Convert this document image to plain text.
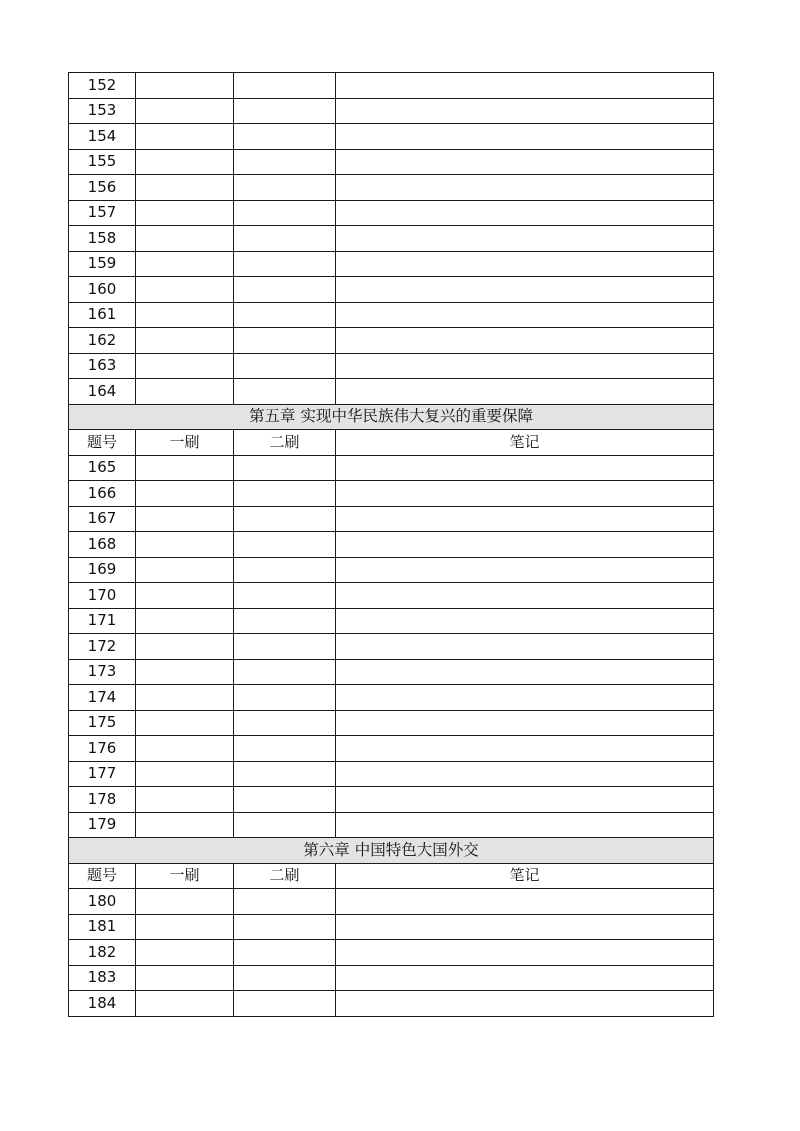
152			
153			
154			
155			
156			
157			
158			
159			
160			
161			
162			
163			
164			
第五章 实现中华民族伟大复兴的重要保障			
题号	一刷	二刷	笔记
165			
166			
167			
168			
169			
170			
171			
172			
173			
174			
175			
176			
177			
178			
179			
第六章 中国特色大国外交			
题号	一刷	二刷	笔记
180			
181			
182			
183			
184			
